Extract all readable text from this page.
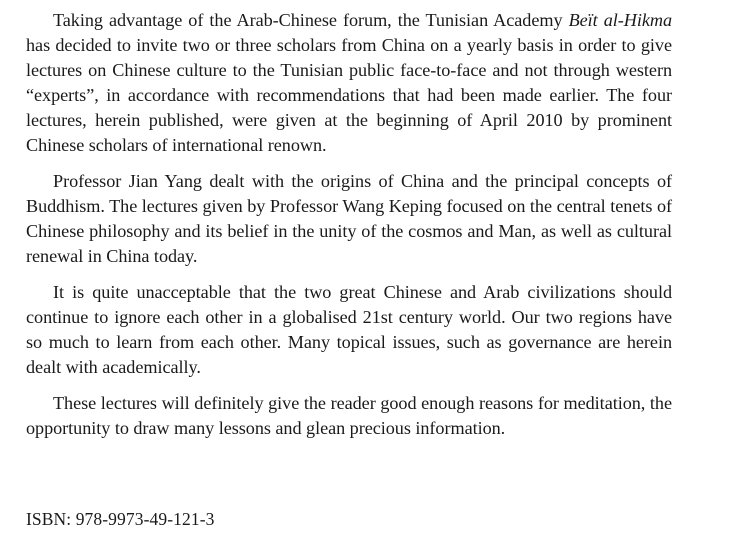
Taking advantage of the Arab-Chinese forum, the Tunisian Academy Beït al-Hikma has decided to invite two or three scholars from China on a yearly basis in order to give lectures on Chinese culture to the Tunisian public face-to-face and not through western “experts”, in accordance with recommendations that had been made earlier. The four lectures, herein published, were given at the beginning of April 2010 by prominent Chinese scholars of international renown.

Professor Jian Yang dealt with the origins of China and the principal concepts of Buddhism. The lectures given by Professor Wang Keping focused on the central tenets of Chinese philosophy and its belief in the unity of the cosmos and Man, as well as cultural renewal in China today.

It is quite unacceptable that the two great Chinese and Arab civilizations should continue to ignore each other in a globalised 21st century world. Our two regions have so much to learn from each other. Many topical issues, such as governance are herein dealt with academically.

These lectures will definitely give the reader good enough reasons for meditation, the opportunity to draw many lessons and glean precious information.

ISBN: 978-9973-49-121-3
